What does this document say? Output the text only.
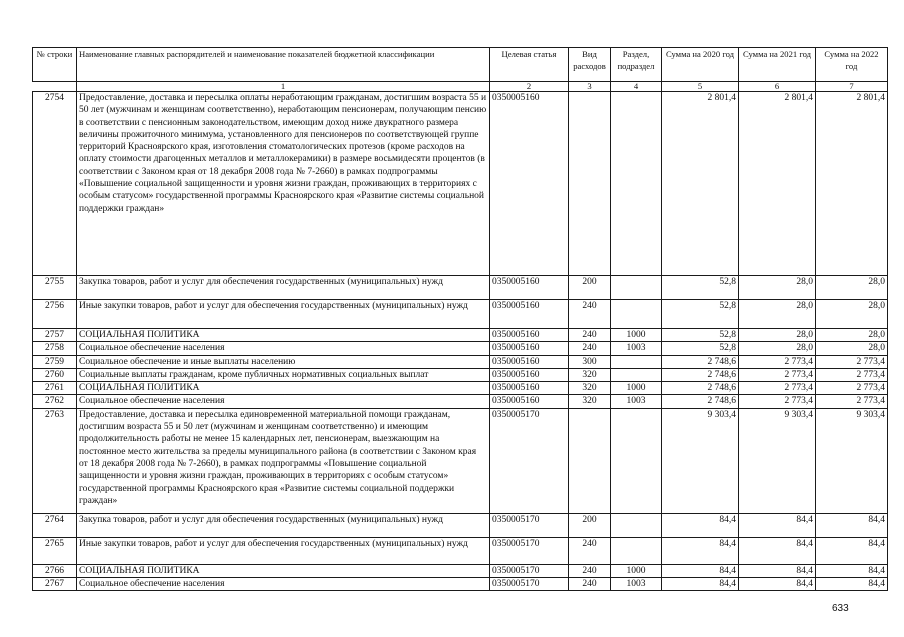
№ строки	Наименование главных распорядителей и наименование показателей бюджетной классификации	Целевая статья	Вид расходов	Раздел, подраздел	Сумма на 2020 год	Сумма на 2021 год	Сумма на 2022 год
	1	2	3	4	5	6	7
2754	Предоставление, доставка и пересылка оплаты неработающим гражданам, достигшим возраста 55 и 50 лет (мужчинам и женщинам соответственно), неработающим пенсионерам, получающим пенсию в соответствии с пенсионным законодательством, имеющим доход ниже двукратного размера величины прожиточного минимума, установленного для пенсионеров по соответствующей группе территорий Красноярского края, изготовления стоматологических протезов (кроме расходов на оплату стоимости драгоценных металлов и металлокерамики) в размере восьмидесяти процентов (в соответствии с Законом края от 18 декабря 2008 года № 7-2660) в рамках подпрограммы «Повышение социальной защищенности и уровня жизни граждан, проживающих в территориях с особым статусом» государственной программы Красноярского края «Развитие системы социальной поддержки граждан»	0350005160			2 801,4	2 801,4	2 801,4
2755	Закупка товаров, работ и услуг для обеспечения государственных (муниципальных) нужд	0350005160	200		52,8	28,0	28,0
2756	Иные закупки товаров, работ и услуг для обеспечения государственных (муниципальных) нужд	0350005160	240		52,8	28,0	28,0
2757	СОЦИАЛЬНАЯ ПОЛИТИКА	0350005160	240	1000	52,8	28,0	28,0
2758	Социальное обеспечение населения	0350005160	240	1003	52,8	28,0	28,0
2759	Социальное обеспечение и иные выплаты населению	0350005160	300		2 748,6	2 773,4	2 773,4
2760	Социальные выплаты гражданам, кроме публичных нормативных социальных выплат	0350005160	320		2 748,6	2 773,4	2 773,4
2761	СОЦИАЛЬНАЯ ПОЛИТИКА	0350005160	320	1000	2 748,6	2 773,4	2 773,4
2762	Социальное обеспечение населения	0350005160	320	1003	2 748,6	2 773,4	2 773,4
2763	Предоставление, доставка и пересылка единовременной материальной помощи гражданам, достигшим возраста 55 и 50 лет (мужчинам и женщинам соответственно) и имеющим продолжительность работы не менее 15 календарных лет, пенсионерам, выезжающим на постоянное место жительства за пределы муниципального района (в соответствии с Законом края от 18 декабря 2008 года № 7-2660), в рамках подпрограммы «Повышение социальной защищенности и уровня жизни граждан, проживающих в территориях с особым статусом» государственной программы Красноярского края «Развитие системы социальной поддержки граждан»	0350005170			9 303,4	9 303,4	9 303,4
2764	Закупка товаров, работ и услуг для обеспечения государственных (муниципальных) нужд	0350005170	200		84,4	84,4	84,4
2765	Иные закупки товаров, работ и услуг для обеспечения государственных (муниципальных) нужд	0350005170	240		84,4	84,4	84,4
2766	СОЦИАЛЬНАЯ ПОЛИТИКА	0350005170	240	1000	84,4	84,4	84,4
2767	Социальное обеспечение населения	0350005170	240	1003	84,4	84,4	84,4
633
